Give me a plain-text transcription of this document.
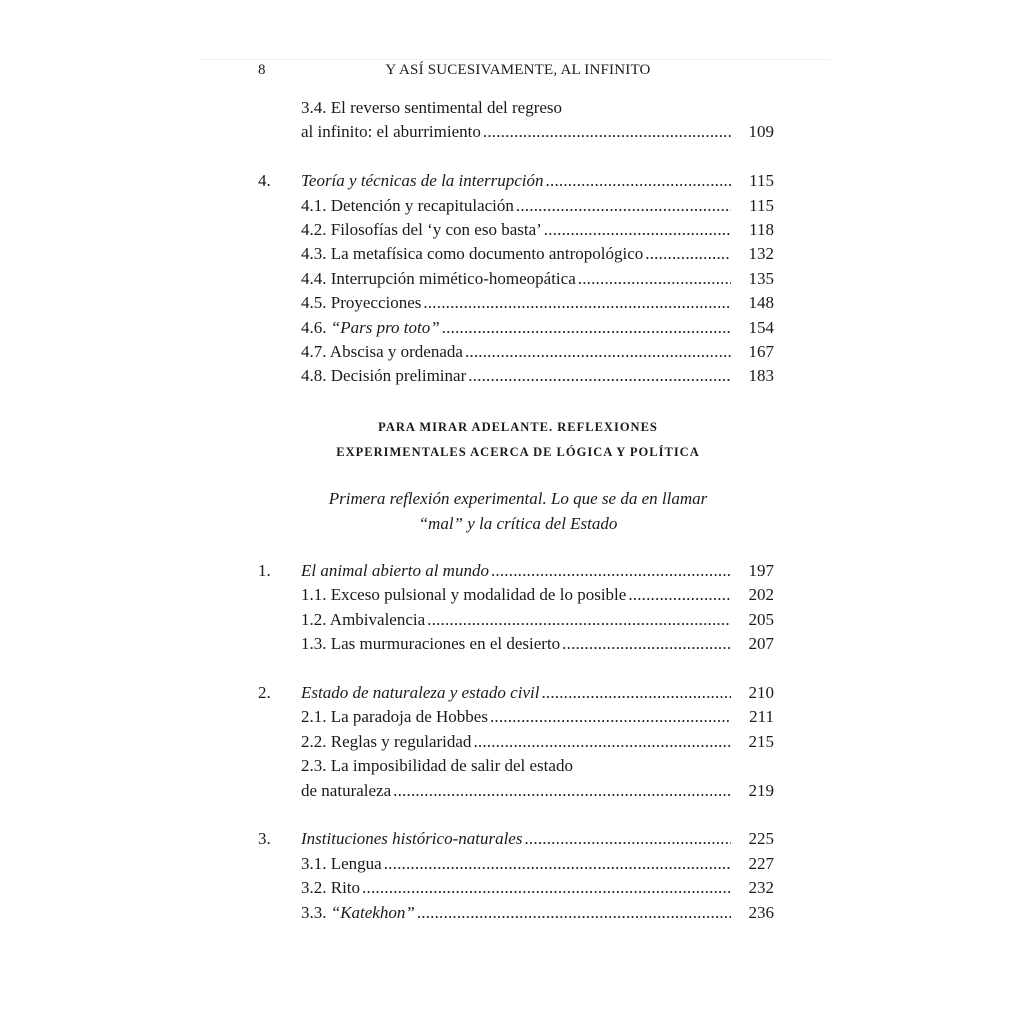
8	Y ASÍ SUCESIVAMENTE, AL INFINITO
3.4. El reverso sentimental del regreso
al infinito: el aburrimiento .....	109
4. Teoría y técnicas de la interrupción .....	115
4.1. Detención y recapitulación .....	115
4.2. Filosofías del ‘y con eso basta’ .....	118
4.3. La metafísica como documento antropológico .....	132
4.4. Interrupción mimético-homeopática .....	135
4.5. Proyecciones .....	148
4.6. “Pars pro toto” .....	154
4.7. Abscisa y ordenada .....	167
4.8. Decisión preliminar .....	183
PARA MIRAR ADELANTE. REFLEXIONES
EXPERIMENTALES ACERCA DE LÓGICA Y POLÍTICA
Primera reflexión experimental. Lo que se da en llamar
“mal” y la crítica del Estado
1. El animal abierto al mundo .....	197
1.1. Exceso pulsional y modalidad de lo posible .....	202
1.2. Ambivalencia .....	205
1.3. Las murmuraciones en el desierto .....	207
2. Estado de naturaleza y estado civil .....	210
2.1. La paradoja de Hobbes .....	211
2.2. Reglas y regularidad .....	215
2.3. La imposibilidad de salir del estado
de naturaleza .....	219
3. Instituciones histórico-naturales .....	225
3.1. Lengua .....	227
3.2. Rito .....	232
3.3. “Katekhon” .....	236
